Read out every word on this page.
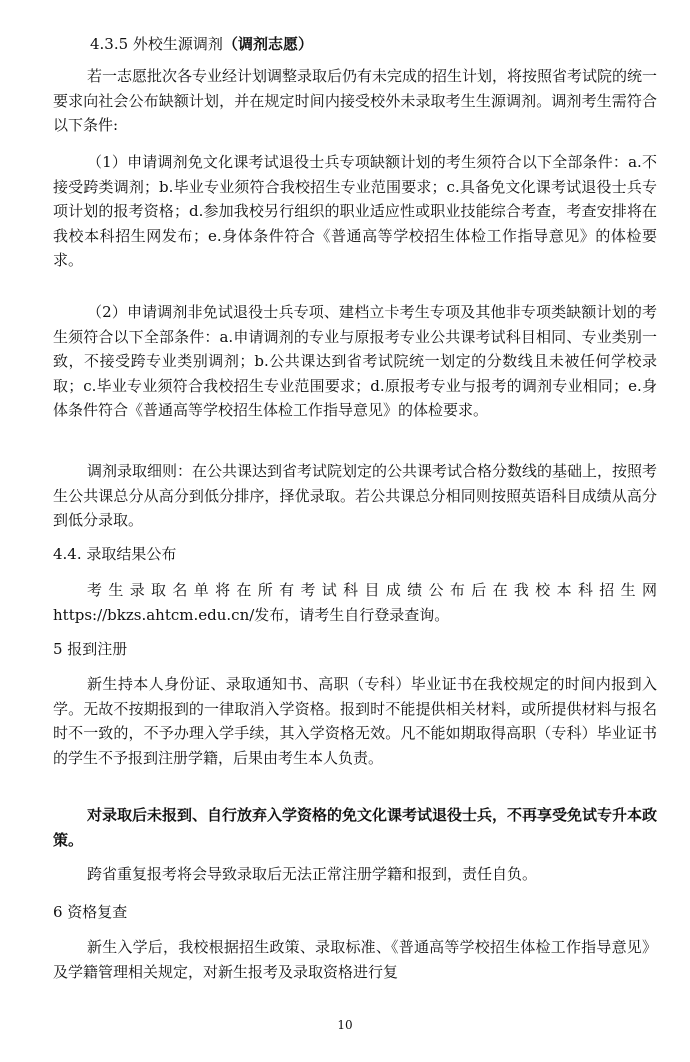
4.3.5 外校生源调剂（调剂志愿）
若一志愿批次各专业经计划调整录取后仍有未完成的招生计划，将按照省考试院的统一要求向社会公布缺额计划，并在规定时间内接受校外未录取考生生源调剂。调剂考生需符合以下条件:
（1）申请调剂免文化课考试退役士兵专项缺额计划的考生须符合以下全部条件：a.不接受跨类调剂；b.毕业专业须符合我校招生专业范围要求；c.具备免文化课考试退役士兵专项计划的报考资格；d.参加我校另行组织的职业适应性或职业技能综合考查，考查安排将在我校本科招生网发布；e.身体条件符合《普通高等学校招生体检工作指导意见》的体检要求。
（2）申请调剂非免试退役士兵专项、建档立卡考生专项及其他非专项类缺额计划的考生须符合以下全部条件：a.申请调剂的专业与原报考专业公共课考试科目相同、专业类别一致，不接受跨专业类别调剂；b.公共课达到省考试院统一划定的分数线且未被任何学校录取；c.毕业专业须符合我校招生专业范围要求；d.原报考专业与报考的调剂专业相同；e.身体条件符合《普通高等学校招生体检工作指导意见》的体检要求。
调剂录取细则：在公共课达到省考试院划定的公共课考试合格分数线的基础上，按照考生公共课总分从高分到低分排序，择优录取。若公共课总分相同则按照英语科目成绩从高分到低分录取。
4.4. 录取结果公布
考生录取名单将在所有考试科目成绩公布后在我校本科招生网https://bkzs.ahtcm.edu.cn/发布，请考生自行登录查询。
5 报到注册
新生持本人身份证、录取通知书、高职（专科）毕业证书在我校规定的时间内报到入学。无故不按期报到的一律取消入学资格。报到时不能提供相关材料，或所提供材料与报名时不一致的，不予办理入学手续，其入学资格无效。凡不能如期取得高职（专科）毕业证书的学生不予报到注册学籍，后果由考生本人负责。
对录取后未报到、自行放弃入学资格的免文化课考试退役士兵，不再享受免试专升本政策。
跨省重复报考将会导致录取后无法正常注册学籍和报到，责任自负。
6 资格复查
新生入学后，我校根据招生政策、录取标准、《普通高等学校招生体检工作指导意见》及学籍管理相关规定，对新生报考及录取资格进行复
10
